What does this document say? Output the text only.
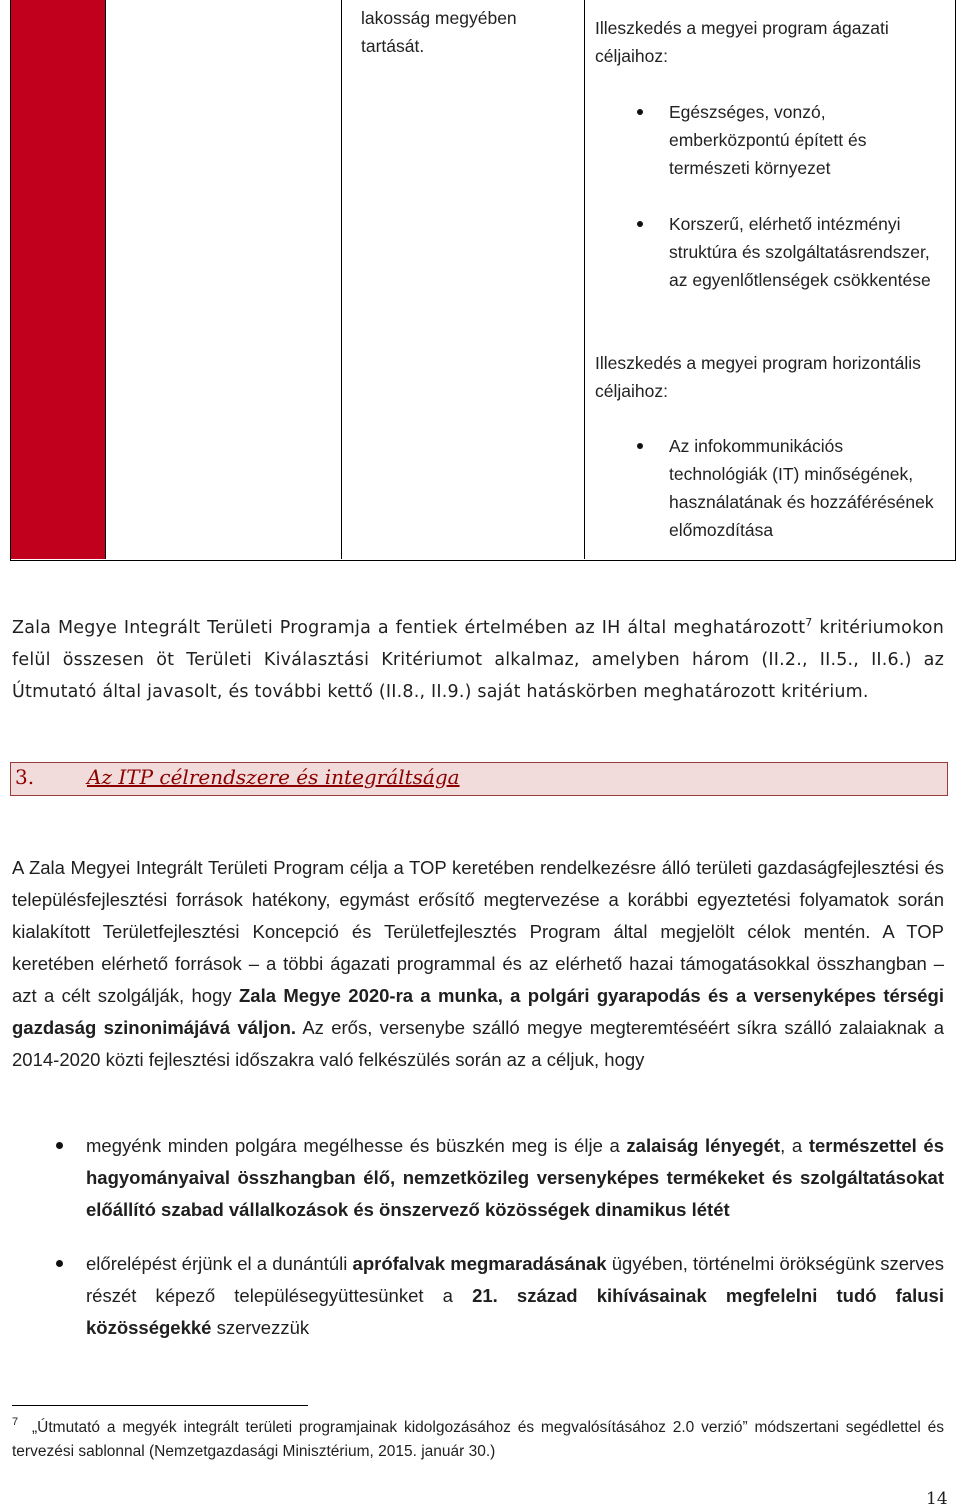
lakosság megyében tartását.
Illeszkedés a megyei program ágazati céljaihoz:
Egészséges, vonzó, emberközpontú épített és természeti környezet
Korszerű, elérhető intézményi struktúra és szolgáltatásrendszer, az egyenlőtlenségek csökkentése
Illeszkedés a megyei program horizontális céljaihoz:
Az infokommunikációs technológiák (IT) minőségének, használatának és hozzáférésének előmozdítása
Zala Megye Integrált Területi Programja a fentiek értelmében az IH által meghatározott$^7$ kritériumokon felül összesen öt Területi Kiválasztási Kritériumot alkalmaz, amelyben három (II.2., II.5., II.6.) az Útmutató által javasolt, és további kettő (II.8., II.9.) saját hatáskörben meghatározott kritérium.
3.	Az ITP célrendszere és integráltsága
A Zala Megyei Integrált Területi Program célja a TOP keretében rendelkezésre álló területi gazdaságfejlesztési és településfejlesztési források hatékony, egymást erősítő megtervezése a korábbi egyeztetési folyamatok során kialakított Területfejlesztési Koncepció és Területfejlesztés Program által megjelölt célok mentén. A TOP keretében elérhető források – a többi ágazati programmal és az elérhető hazai támogatásokkal összhangban – azt a célt szolgálják, hogy Zala Megye 2020-ra a munka, a polgári gyarapodás és a versenyképes térségi gazdaság szinonimájává váljon. Az erős, versenybe szálló megye megteremtéséért síkra szálló zalaiaknak a 2014-2020 közti fejlesztési időszakra való felkészülés során az a céljuk, hogy
megyénk minden polgára megélhesse és büszkén meg is élje a zalaiság lényegét, a természettel és hagyományaival összhangban élő, nemzetközileg versenyképes termékeket és szolgáltatásokat előállító szabad vállalkozások és önszervező közösségek dinamikus létét
előrelépést érjünk el a dunántúli aprófalvak megmaradásának ügyében, történelmi örökségünk szerves részét képező településegyüttesünket a 21. század kihívásainak megfelelni tudó falusi közösségekké szervezzük
7 „Útmutató a megyék integrált területi programjainak kidolgozásához és megvalósításához 2.0 verzió” módszertani segédlettel és tervezési sablonnal (Nemzetgazdasági Minisztérium, 2015. január 30.)
14
